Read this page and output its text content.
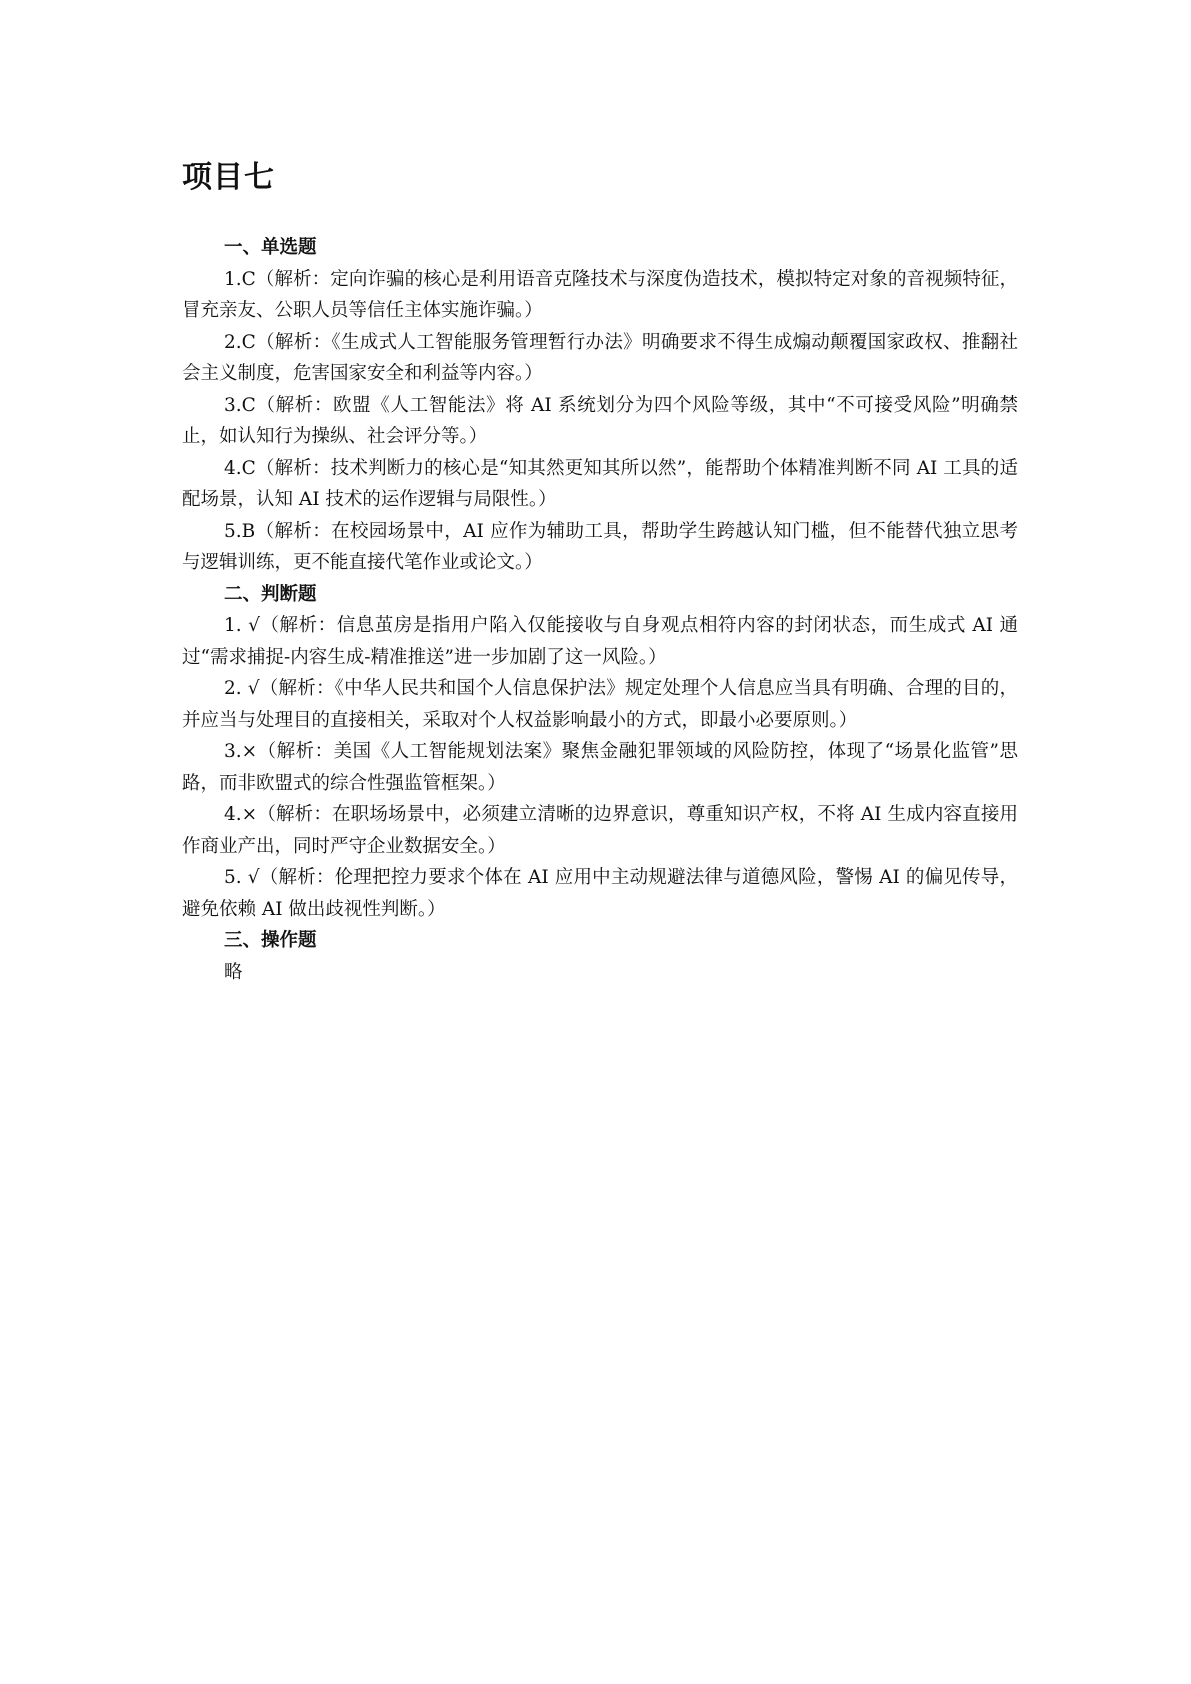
项目七

一、单选题

1.C（解析：定向诈骗的核心是利用语音克隆技术与深度伪造技术，模拟特定对象的音视频特征，冒充亲友、公职人员等信任主体实施诈骗。）

2.C（解析：《生成式人工智能服务管理暂行办法》明确要求不得生成煽动颠覆国家政权、推翻社会主义制度，危害国家安全和利益等内容。）

3.C（解析：欧盟《人工智能法》将 AI 系统划分为四个风险等级，其中“不可接受风险”明确禁止，如认知行为操纵、社会评分等。）

4.C（解析：技术判断力的核心是“知其然更知其所以然”，能帮助个体精准判断不同 AI 工具的适配场景，认知 AI 技术的运作逻辑与局限性。）

5.B（解析：在校园场景中，AI 应作为辅助工具，帮助学生跨越认知门槛，但不能替代独立思考与逻辑训练，更不能直接代笔作业或论文。）

二、判断题

1. √（解析：信息茧房是指用户陷入仅能接收与自身观点相符内容的封闭状态，而生成式 AI 通过“需求捕捉-内容生成-精准推送”进一步加剧了这一风险。）

2. √（解析：《中华人民共和国个人信息保护法》规定处理个人信息应当具有明确、合理的目的，并应当与处理目的直接相关，采取对个人权益影响最小的方式，即最小必要原则。）

3.×（解析：美国《人工智能规划法案》聚焦金融犯罪领域的风险防控，体现了“场景化监管”思路，而非欧盟式的综合性强监管框架。）

4.×（解析：在职场场景中，必须建立清晰的边界意识，尊重知识产权，不将 AI 生成内容直接用作商业产出，同时严守企业数据安全。）

5. √（解析：伦理把控力要求个体在 AI 应用中主动规避法律与道德风险，警惕 AI 的偏见传导，避免依赖 AI 做出歧视性判断。）

三、操作题

略
